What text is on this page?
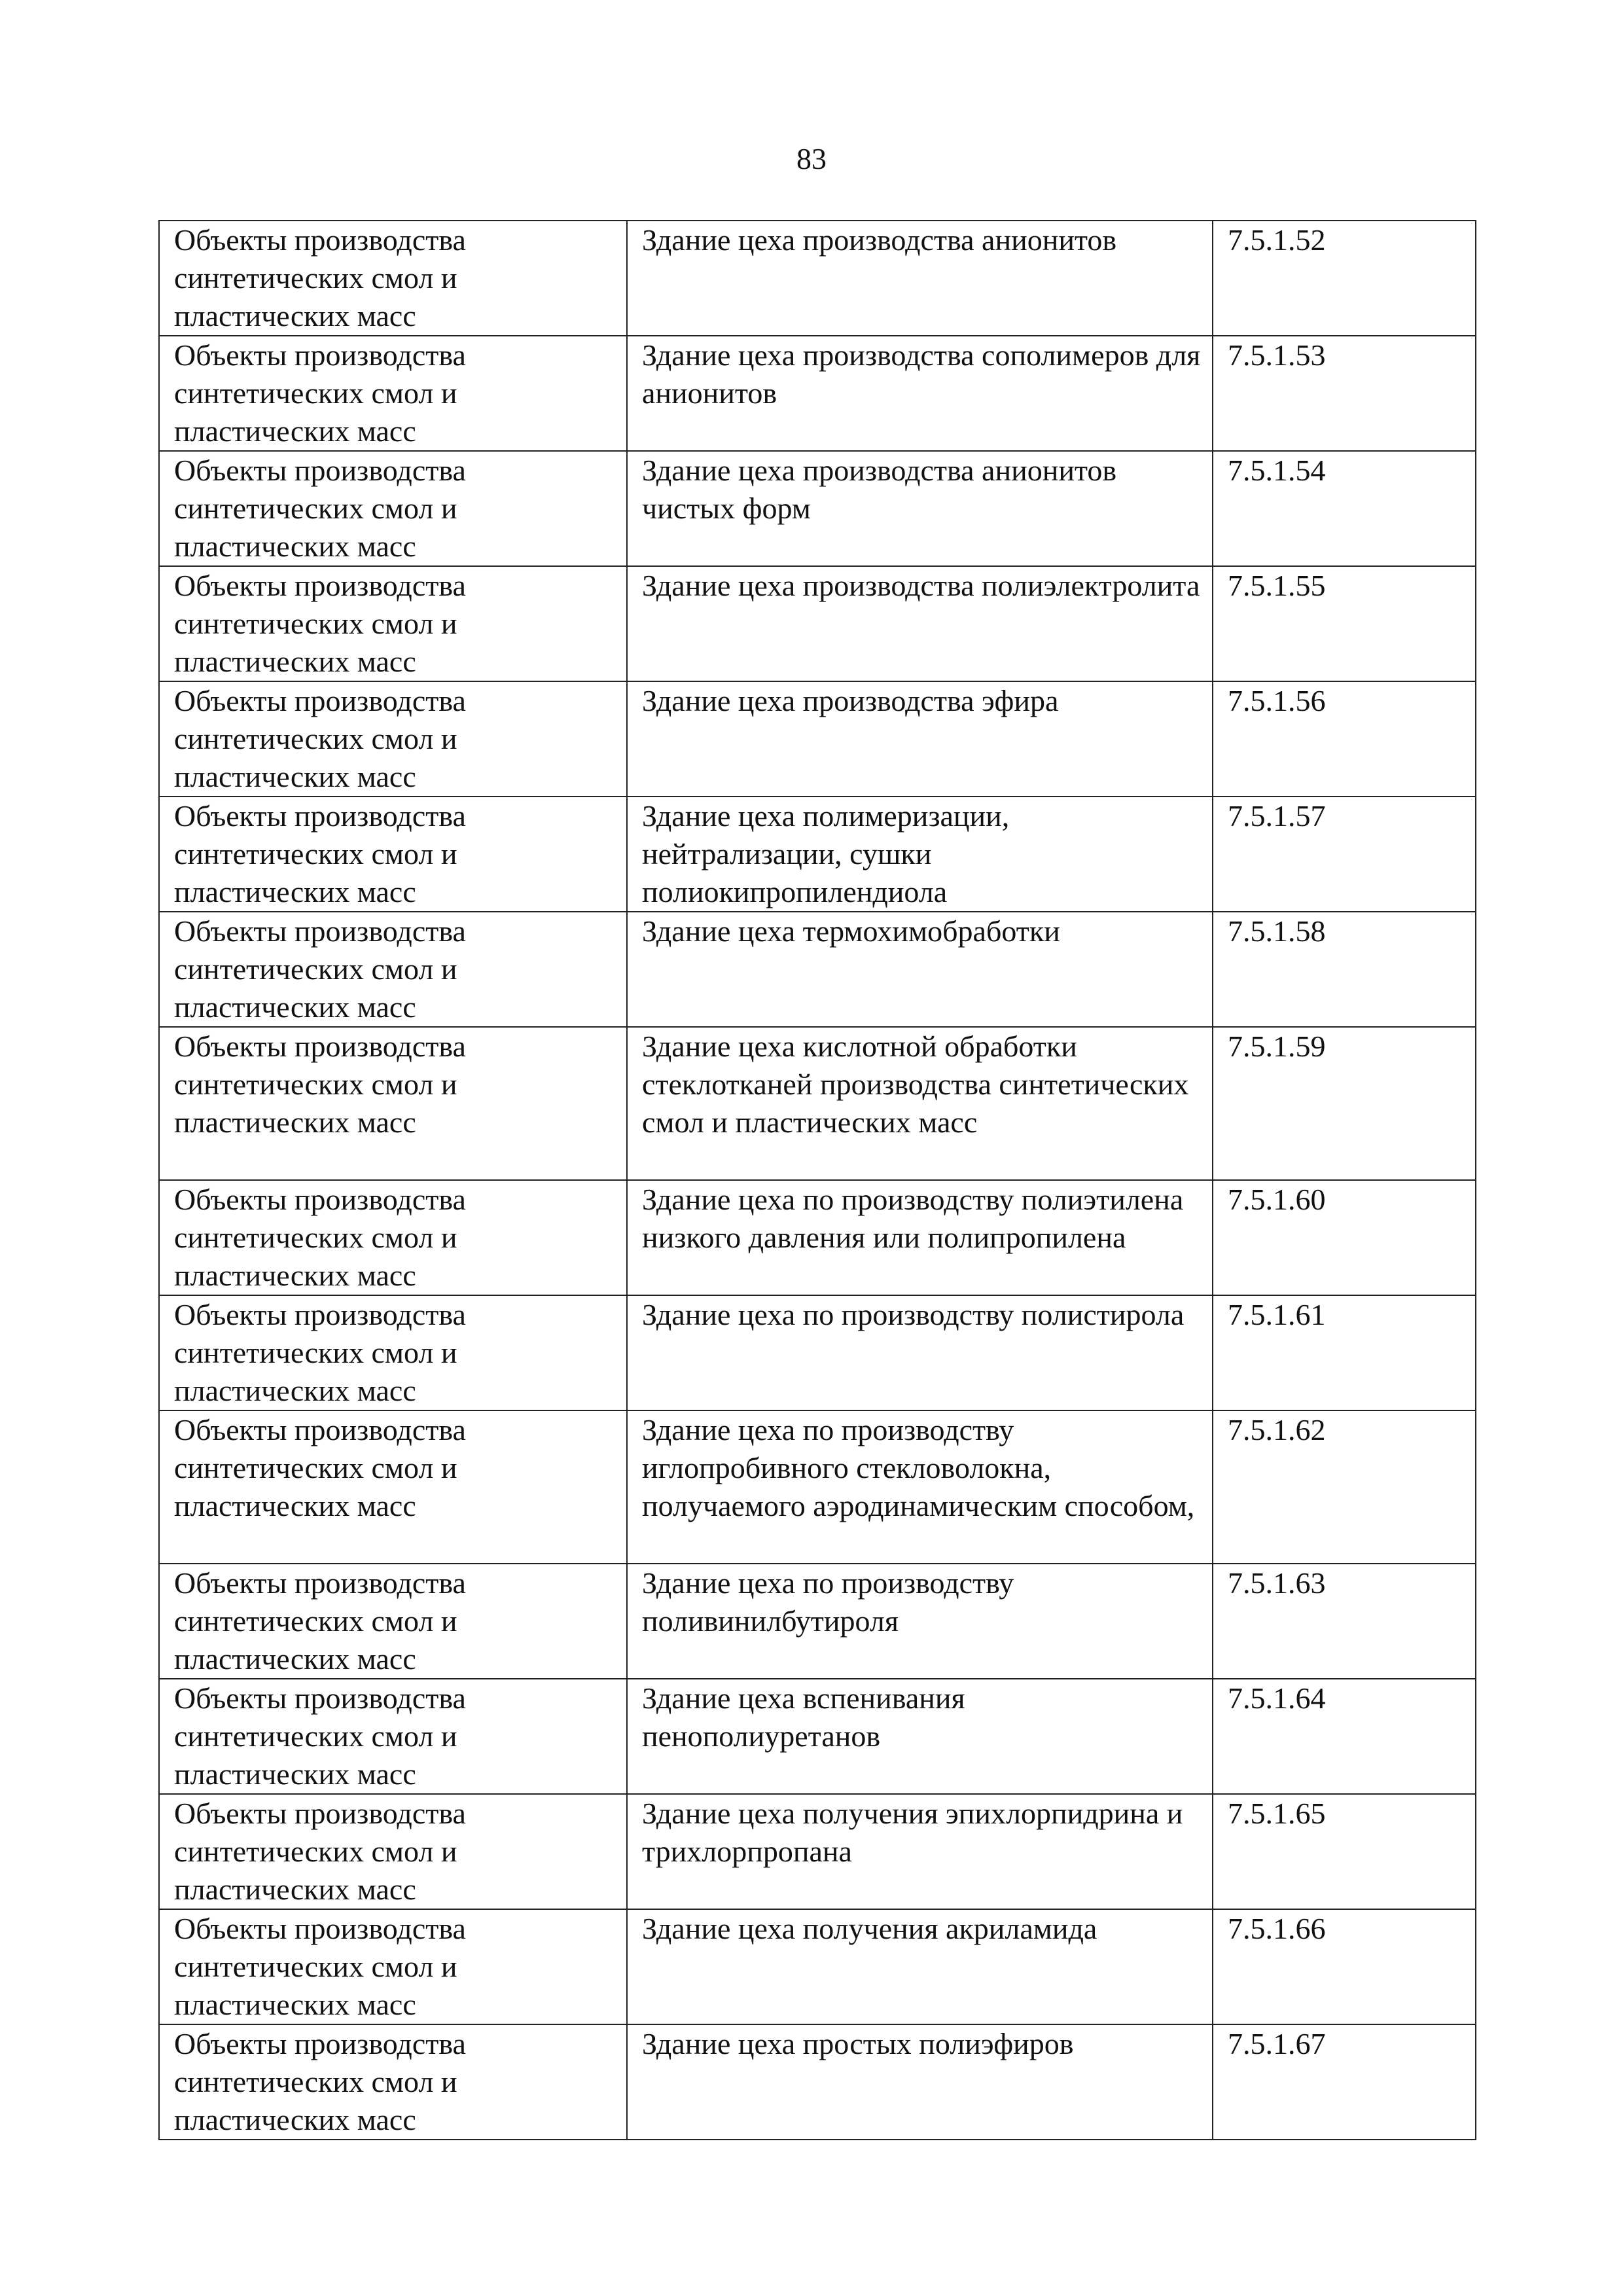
83
Объекты производства синтетических смол и пластических масс	Здание цеха производства анионитов	7.5.1.52
Объекты производства синтетических смол и пластических масс	Здание цеха производства сополимеров для анионитов	7.5.1.53
Объекты производства синтетических смол и пластических масс	Здание цеха производства анионитов чистых форм	7.5.1.54
Объекты производства синтетических смол и пластических масс	Здание цеха производства полиэлектролита	7.5.1.55
Объекты производства синтетических смол и пластических масс	Здание цеха производства эфира	7.5.1.56
Объекты производства синтетических смол и пластических масс	Здание цеха полимеризации, нейтрализации, сушки полиокипропилендиола	7.5.1.57
Объекты производства синтетических смол и пластических масс	Здание цеха термохимобработки	7.5.1.58
Объекты производства синтетических смол и пластических масс	Здание цеха кислотной обработки стеклотканей производства синтетических смол и пластических масс	7.5.1.59
Объекты производства синтетических смол и пластических масс	Здание цеха по производству полиэтилена низкого давления или полипропилена	7.5.1.60
Объекты производства синтетических смол и пластических масс	Здание цеха по производству полистирола	7.5.1.61
Объекты производства синтетических смол и пластических масс	Здание цеха по производству иглопробивного стекловолокна, получаемого аэродинамическим способом,	7.5.1.62
Объекты производства синтетических смол и пластических масс	Здание цеха по производству поливинилбутироля	7.5.1.63
Объекты производства синтетических смол и пластических масс	Здание цеха вспенивания пенополиуретанов	7.5.1.64
Объекты производства синтетических смол и пластических масс	Здание цеха получения эпихлорпидрина и трихлорпропана	7.5.1.65
Объекты производства синтетических смол и пластических масс	Здание цеха получения акриламида	7.5.1.66
Объекты производства синтетических смол и пластических масс	Здание цеха простых полиэфиров	7.5.1.67
